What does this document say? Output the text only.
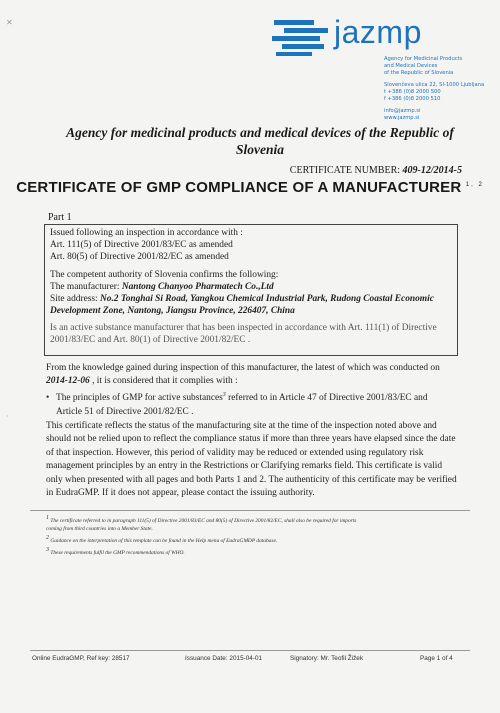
jazmp
Agency for Medicinal Products
and Medical Devices
of the Republic of Slovenia
Slovenčeva ulica 22, SI-1000 Ljubljana
t +386 (0)8 2000 500
f +386 (0)8 2000 510
info@jazmp.si
www.jazmp.si
✕
·
Agency for medicinal products and medical devices of the Republic of
Slovenia
CERTIFICATE NUMBER: 409-12/2014-5
CERTIFICATE OF GMP COMPLIANCE OF A MANUFACTURER $^{1, 2}$
Part 1
Issued following an inspection in accordance with :
Art. 111(5) of Directive 2001/83/EC as amended
Art. 80(5) of Directive 2001/82/EC as amended
The competent authority of Slovenia confirms the following:
The manufacturer: Nantong Chanyoo Pharmatech Co.,Ltd
Site address: No.2 Tonghai Si Road, Yangkou Chemical Industrial Park, Rudong Coastal Economic
Development Zone, Nantong, Jiangsu Province, 226407, China
Is an active substance manufacturer that has been inspected in accordance with Art. 111(1) of Directive
2001/83/EC and Art. 80(1) of Directive 2001/82/EC .
From the knowledge gained during inspection of this manufacturer, the latest of which was conducted on
2014-12-06 , it is considered that it complies with :
• The principles of GMP for active substances$^3$ referred to in Article 47 of Directive 2001/83/EC and
Article 51 of Directive 2001/82/EC .
This certificate reflects the status of the manufacturing site at the time of the inspection noted above and
should not be relied upon to reflect the compliance status if more than three years have elapsed since the date
of that inspection. However, this period of validity may be reduced or extended using regulatory risk
management principles by an entry in the Restrictions or Clarifying remarks field. This certificate is valid
only when presented with all pages and both Parts 1 and 2. The authenticity of this certificate may be verified
in EudraGMP. If it does not appear, please contact the issuing authority.
1 The certificate referred to in paragraph 111(5) of Directive 2001/83/EC and 80(5) of Directive 2001/82/EC, shall also be required for imports
coming from third countries into a Member State.
2 Guidance on the interpretation of this template can be found in the Help menu of EudraGMDP database.
3 These requirements fulfil the GMP recommendations of WHO.
Online EudraGMP, Ref key: 28517	Issuance Date: 2015-04-01	Signatory: Mr. Teofil Žižek	Page 1 of 4
